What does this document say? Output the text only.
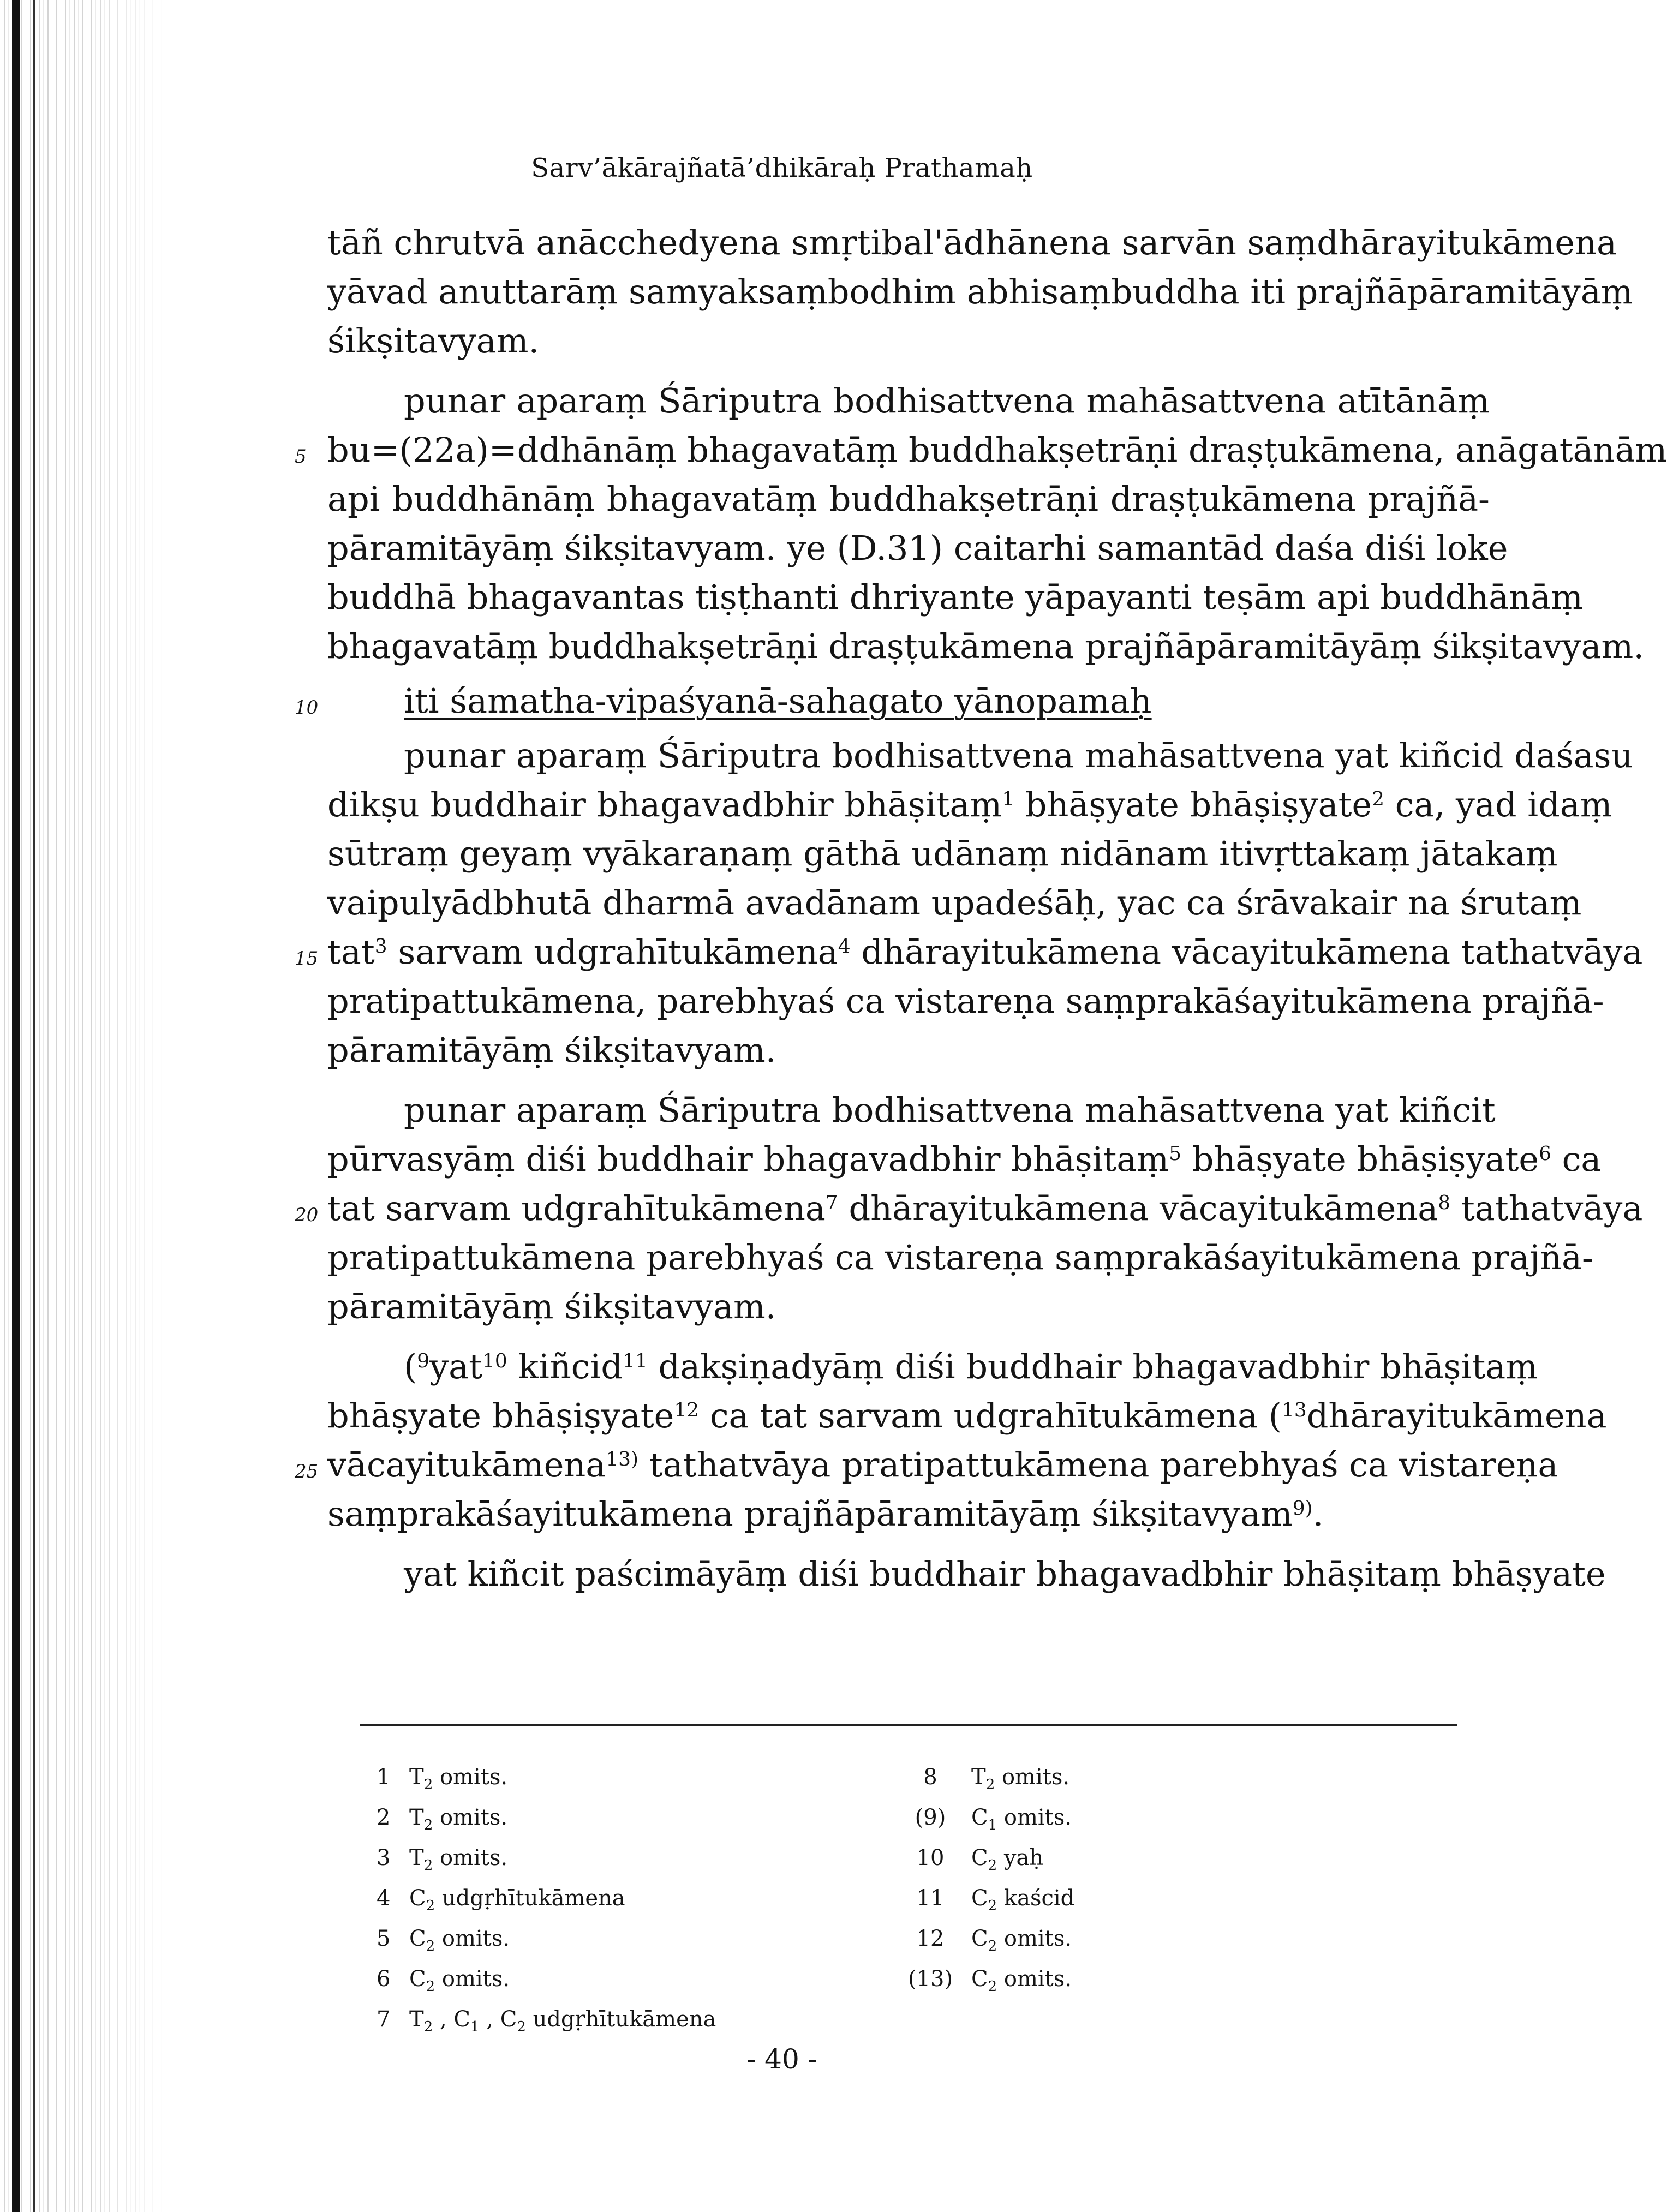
Sarv’ākārajñatā’dhikāraḥ Prathamaḥ
tāñ chrutvā anācchedyena smṛtibal'ādhānena sarvān saṃdhārayitukāmena
yāvad anuttarāṃ samyaksaṃbodhim abhisaṃbuddha iti prajñāpāramitāyāṃ
śikṣitavyam.
punar aparaṃ Śāriputra bodhisattvena mahāsattvena atītānāṃ
5 bu=(22a)=ddhānāṃ bhagavatāṃ buddhakṣetrāṇi draṣṭukāmena, anāgatānām
api buddhānāṃ bhagavatāṃ buddhakṣetrāṇi draṣṭukāmena prajñā-
pāramitāyāṃ śikṣitavyam. ye (D.31) caitarhi samantād daśa diśi loke
buddhā bhagavantas tiṣṭhanti dhriyante yāpayanti teṣām api buddhānāṃ
bhagavatāṃ buddhakṣetrāṇi draṣṭukāmena prajñāpāramitāyāṃ śikṣitavyam.
10	iti śamatha-vipaśyanā-sahagato yānopamaḥ
punar aparaṃ Śāriputra bodhisattvena mahāsattvena yat kiñcid daśasu
dikṣu buddhair bhagavadbhir bhāṣitaṃ$^1$ bhāṣyate bhāṣiṣyate$^2$ ca, yad idaṃ
sūtraṃ geyaṃ vyākaraṇaṃ gāthā udānaṃ nidānam itivṛttakaṃ jātakaṃ
vaipulyādbhutā dharmā avadānam upadeśāḥ, yac ca śrāvakair na śrutaṃ
15 tat$^3$ sarvam udgrahītukāmena$^4$ dhārayitukāmena vācayitukāmena tathatvāya
pratipattukāmena, parebhyaś ca vistareṇa saṃprakāśayitukāmena prajñā-
pāramitāyāṃ śikṣitavyam.
punar aparaṃ Śāriputra bodhisattvena mahāsattvena yat kiñcit
pūrvasyāṃ diśi buddhair bhagavadbhir bhāṣitaṃ$^5$ bhāṣyate bhāṣiṣyate$^6$ ca
20 tat sarvam udgrahītukāmena$^7$ dhārayitukāmena vācayitukāmena$^8$ tathatvāya
pratipattukāmena parebhyaś ca vistareṇa saṃprakāśayitukāmena prajñā-
pāramitāyāṃ śikṣitavyam.
($^9$yat$^{10}$ kiñcid$^{11}$ dakṣiṇadyāṃ diśi buddhair bhagavadbhir bhāṣitaṃ
bhāṣyate bhāṣiṣyate$^{12}$ ca tat sarvam udgrahītukāmena ($^{13}$dhārayitukāmena
25 vācayitukāmena$^{13)}$ tathatvāya pratipattukāmena parebhyaś ca vistareṇa
saṃprakāśayitukāmena prajñāpāramitāyāṃ śikṣitavyam$^{9)}$.
yat kiñcit paścimāyāṃ diśi buddhair bhagavadbhir bhāṣitaṃ bhāṣyate
1 $T_2$ omits.
2 $T_2$ omits.
3 $T_2$ omits.
4 $C_2$ udgṛhītukāmena
5 $C_2$ omits.
6 $C_2$ omits.
7 $T_2$ , $C_1$ , $C_2$ udgṛhītukāmena
8 $T_2$ omits.
(9) $C_1$ omits.
10 $C_2$ yaḥ
11 $C_2$ kaścid
12 $C_2$ omits.
(13) $C_2$ omits.
- 40 -
